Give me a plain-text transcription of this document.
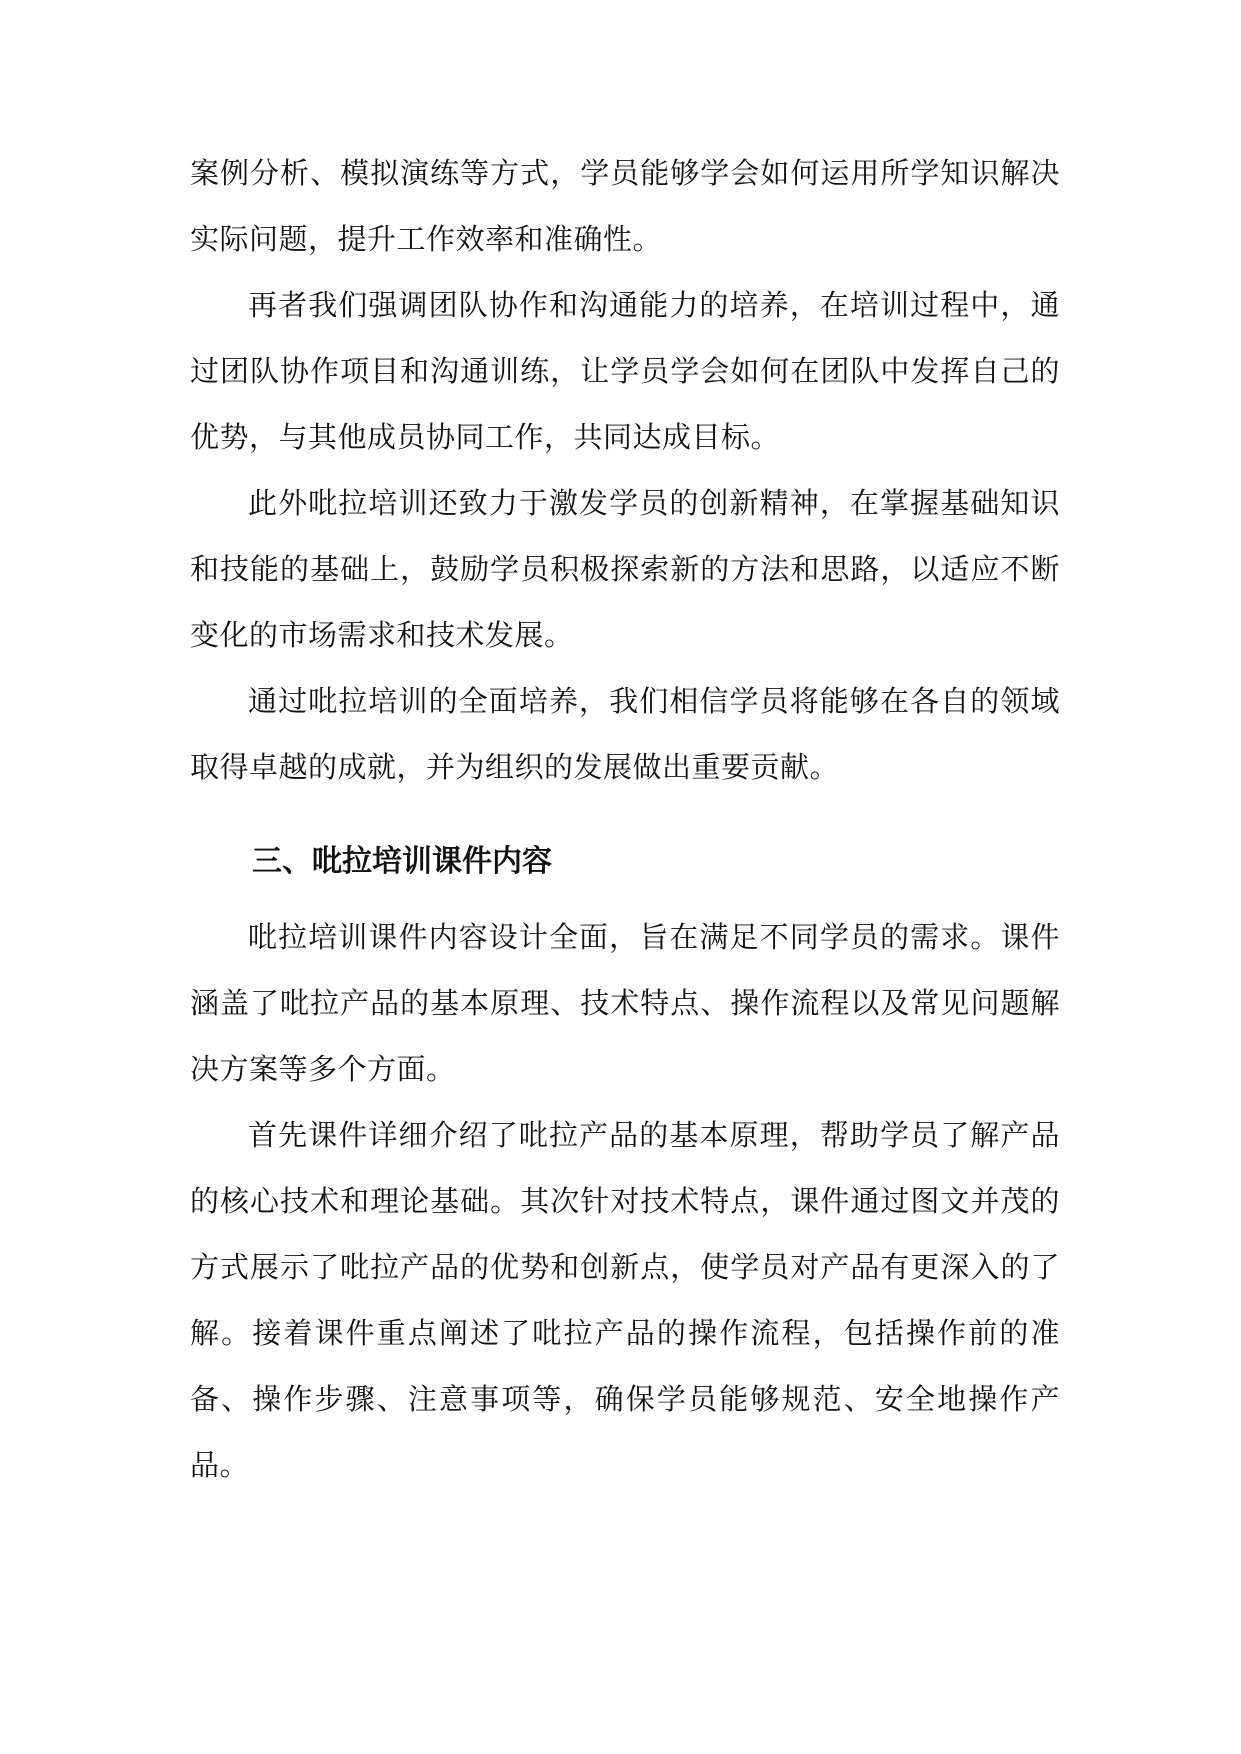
案例分析、模拟演练等方式，学员能够学会如何运用所学知识解决实际问题，提升工作效率和准确性。

再者我们强调团队协作和沟通能力的培养，在培训过程中，通过团队协作项目和沟通训练，让学员学会如何在团队中发挥自己的优势，与其他成员协同工作，共同达成目标。

此外吡拉培训还致力于激发学员的创新精神，在掌握基础知识和技能的基础上，鼓励学员积极探索新的方法和思路，以适应不断变化的市场需求和技术发展。

通过吡拉培训的全面培养，我们相信学员将能够在各自的领域取得卓越的成就，并为组织的发展做出重要贡献。

三、吡拉培训课件内容

吡拉培训课件内容设计全面，旨在满足不同学员的需求。课件涵盖了吡拉产品的基本原理、技术特点、操作流程以及常见问题解决方案等多个方面。

首先课件详细介绍了吡拉产品的基本原理，帮助学员了解产品的核心技术和理论基础。其次针对技术特点，课件通过图文并茂的方式展示了吡拉产品的优势和创新点，使学员对产品有更深入的了解。接着课件重点阐述了吡拉产品的操作流程，包括操作前的准备、操作步骤、注意事项等，确保学员能够规范、安全地操作产品。
